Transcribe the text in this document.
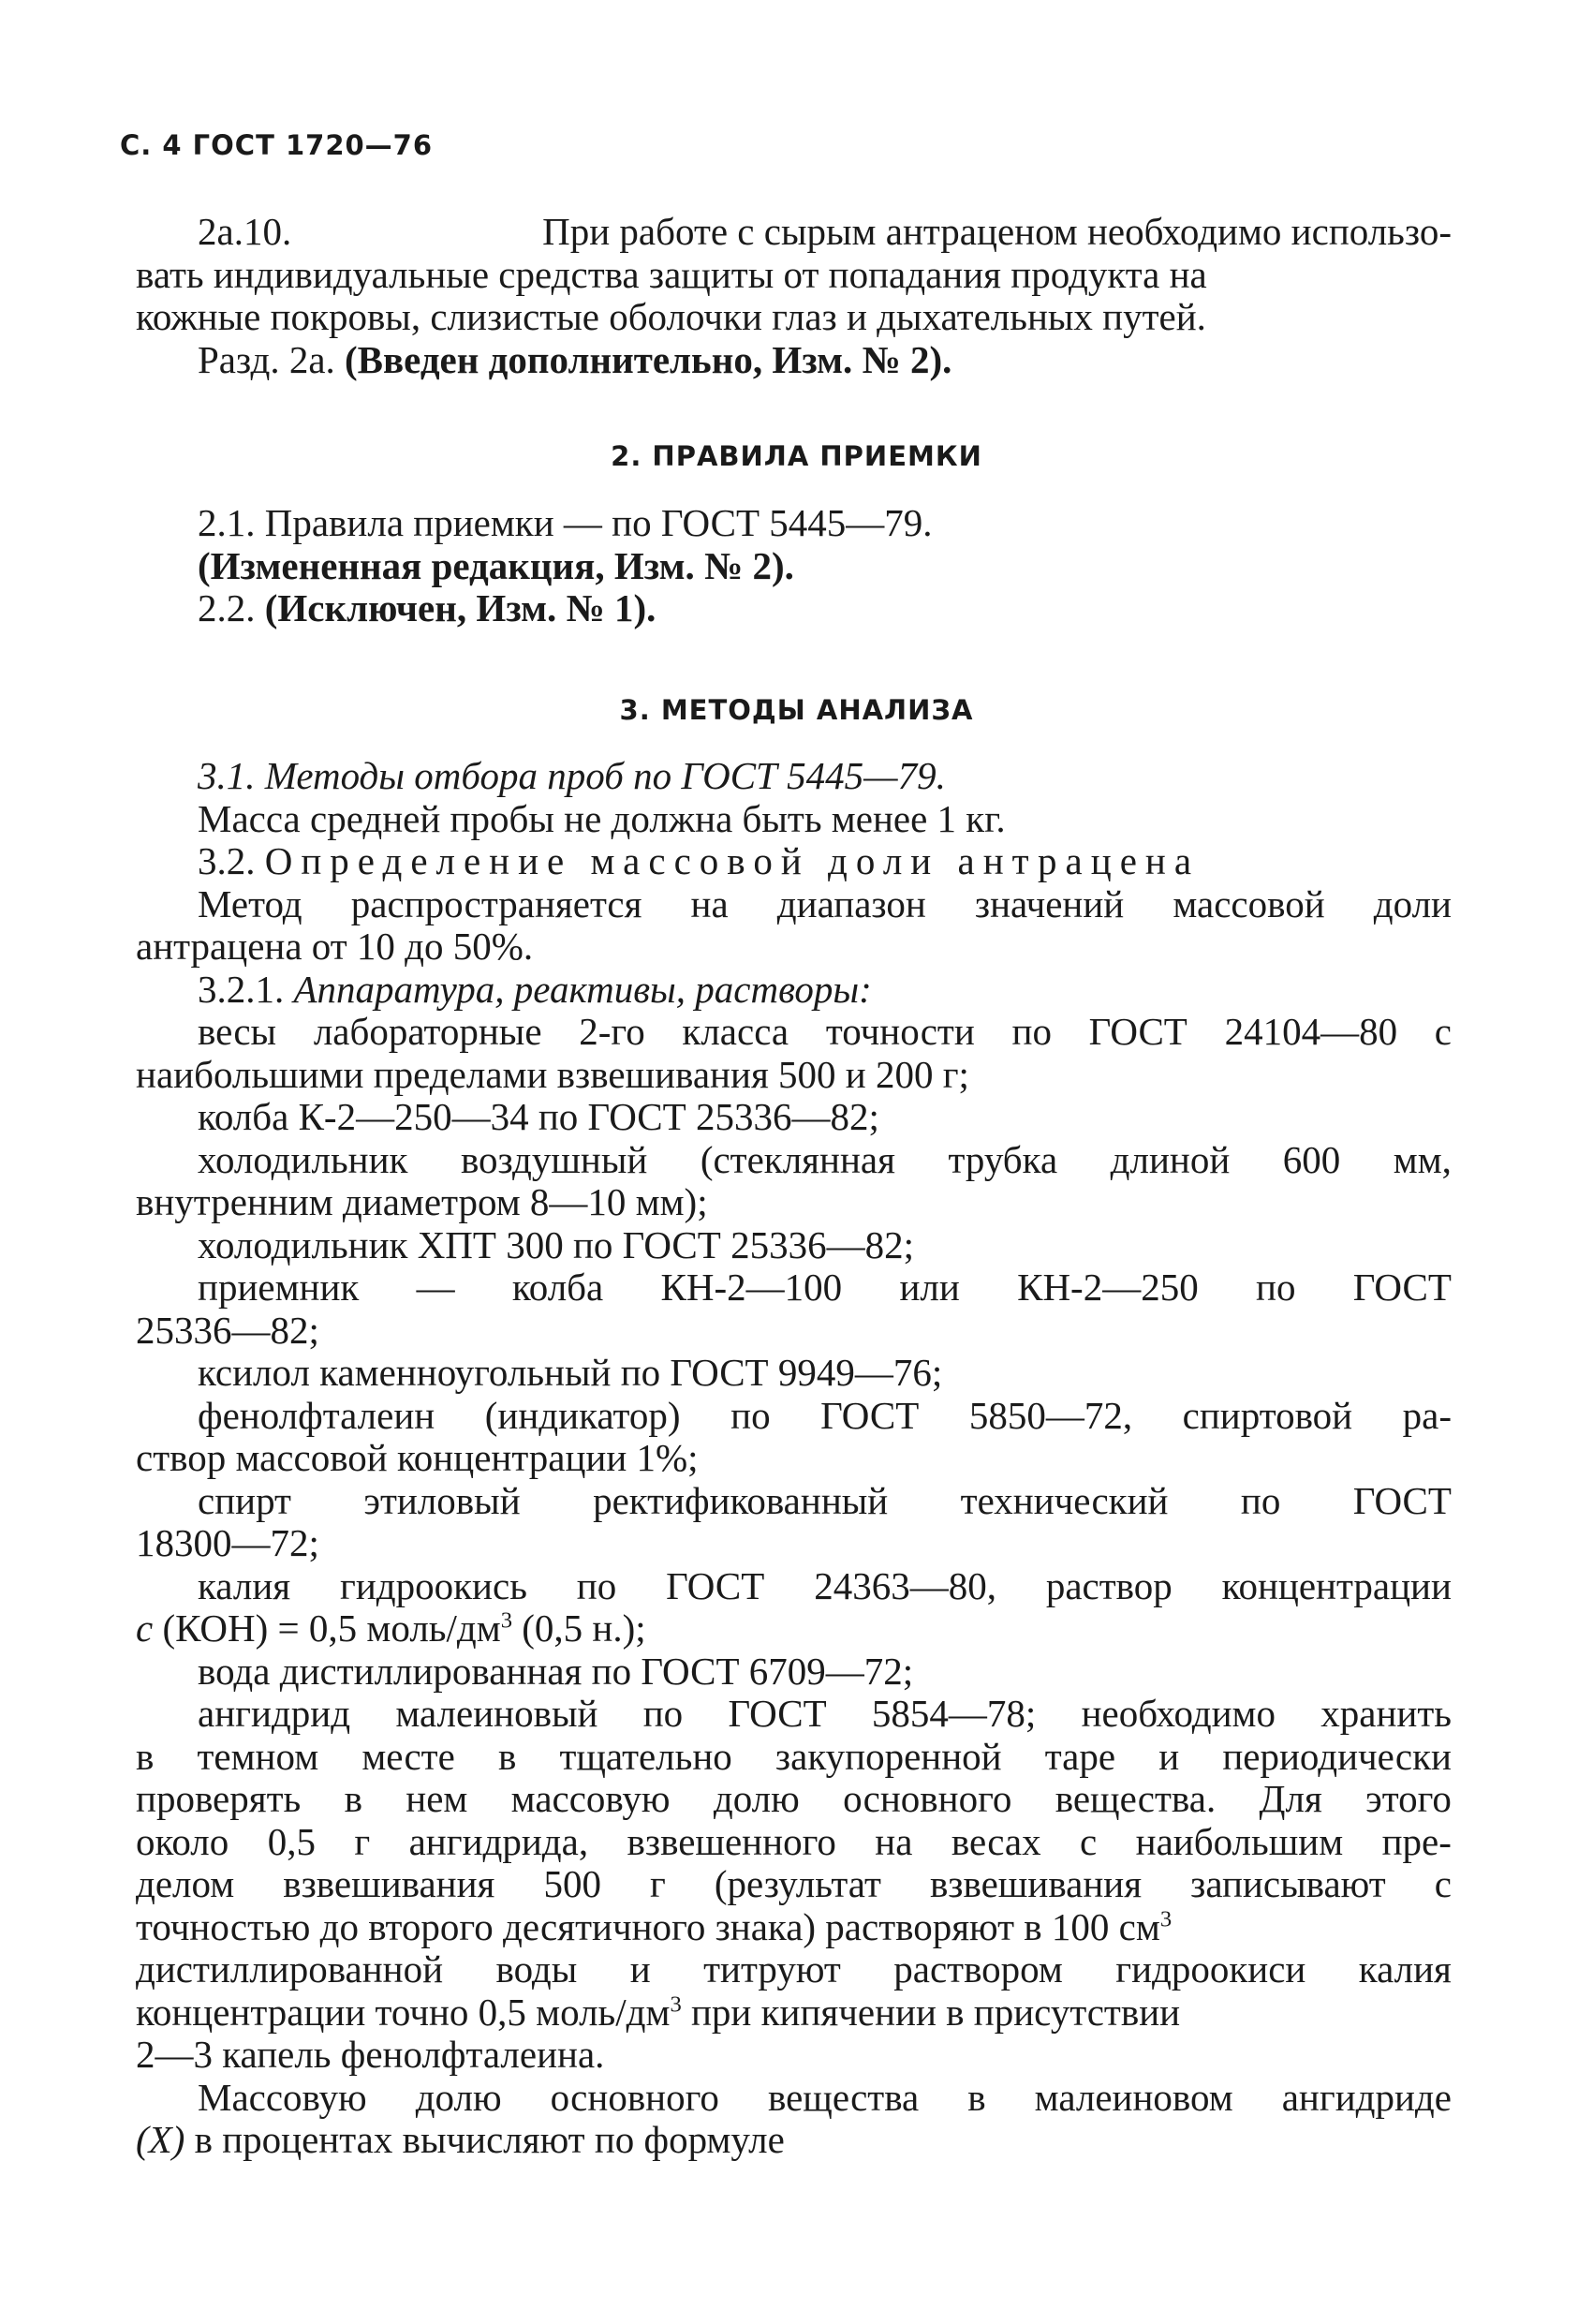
С. 4 ГОСТ 1720—76
2а.10.	При работе с сырым антраценом необходимо использо-
вать индивидуальные средства защиты от попадания продукта на
кожные покровы, слизистые оболочки глаз и дыхательных путей.
Разд. 2а. (Введен дополнительно, Изм. № 2).
2. ПРАВИЛА ПРИЕМКИ
2.1. Правила приемки — по ГОСТ 5445—79.
(Измененная редакция, Изм. № 2).
2.2. (Исключен, Изм. № 1).
3. МЕТОДЫ АНАЛИЗА
3.1. Методы отбора проб по ГОСТ 5445—79.
Масса средней пробы не должна быть менее 1 кг.
3.2. Определение массовой доли антрацена
Метод распространяется на диапазон значений массовой доли
антрацена от 10 до 50%.
3.2.1. Аппаратура, реактивы, растворы:
весы лабораторные 2-го класса точности по ГОСТ 24104—80 с
наибольшими пределами взвешивания 500 и 200 г;
колба К-2—250—34 по ГОСТ 25336—82;
холодильник воздушный (стеклянная трубка длиной 600 мм,
внутренним диаметром 8—10 мм);
холодильник ХПТ 300 по ГОСТ 25336—82;
приемник — колба КН-2—100 или КН-2—250 по ГОСТ
25336—82;
ксилол каменноугольный по ГОСТ 9949—76;
фенолфталеин (индикатор) по ГОСТ 5850—72, спиртовой ра-
створ массовой концентрации 1%;
спирт этиловый ректификованный технический по ГОСТ
18300—72;
калия гидроокись по ГОСТ 24363—80, раствор концентрации
с (КОН) = 0,5 моль/$дм^3$ (0,5 н.);
вода дистиллированная по ГОСТ 6709—72;
ангидрид малеиновый по ГОСТ 5854—78; необходимо хранить
в темном месте в тщательно закупоренной таре и периодически
проверять в нем массовую долю основного вещества. Для этого
около 0,5 г ангидрида, взвешенного на весах с наибольшим пре-
делом взвешивания 500 г (результат взвешивания записывают с
точностью до второго десятичного знака) растворяют в 100 $см^3$
дистиллированной воды и титруют раствором гидроокиси калия
концентрации точно 0,5 моль/$дм^3$ при кипячении в присутствии
2—3 капель фенолфталеина.
Массовую долю основного вещества в малеиновом ангидриде
(X) в процентах вычисляют по формуле
